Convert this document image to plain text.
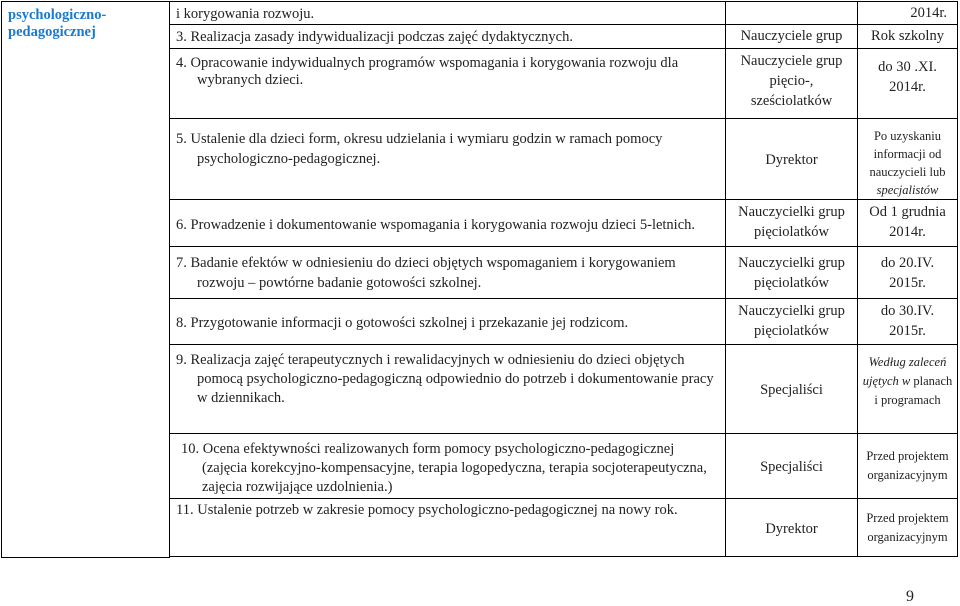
psychologiczno-
pedagogicznej	i korygowania rozwoju.		2014r.

	3. Realizacja zasady indywidualizacji podczas zajęć dydaktycznych.	Nauczyciele grup	Rok szkolny

	4. Opracowanie indywidualnych programów wspomagania i korygowania rozwoju dla wybranych dzieci.	Nauczyciele grup pięcio-, sześciolatków	do 30 .XI. 2014r.

	5. Ustalenie dla dzieci form, okresu udzielania i wymiaru godzin w ramach pomocy psychologiczno-pedagogicznej.	Dyrektor	Po uzyskaniu informacji od nauczycieli lub specjalistów

	6. Prowadzenie i dokumentowanie wspomagania i korygowania rozwoju dzieci 5-letnich.	Nauczycielki grup pięciolatków	Od 1 grudnia 2014r.

	7. Badanie efektów w odniesieniu do dzieci objętych wspomaganiem i korygowaniem rozwoju – powtórne badanie gotowości szkolnej.	Nauczycielki grup pięciolatków	do 20.IV. 2015r.

	8. Przygotowanie informacji o gotowości szkolnej i przekazanie jej rodzicom.	Nauczycielki grup pięciolatków	do 30.IV. 2015r.

	9. Realizacja zajęć terapeutycznych i rewalidacyjnych w odniesieniu do dzieci objętych pomocą psychologiczno-pedagogiczną odpowiednio do potrzeb i dokumentowanie pracy w dziennikach.	Specjaliści	Według zaleceń ujętych w planach i programach

	10. Ocena efektywności realizowanych form pomocy psychologiczno-pedagogicznej (zajęcia korekcyjno-kompensacyjne, terapia logopedyczna, terapia socjoterapeutyczna, zajęcia rozwijające uzdolnienia.)	Specjaliści	Przed projektem organizacyjnym

	11. Ustalenie potrzeb w zakresie pomocy psychologiczno-pedagogicznej na nowy rok.	Dyrektor	Przed projektem organizacyjnym

9
